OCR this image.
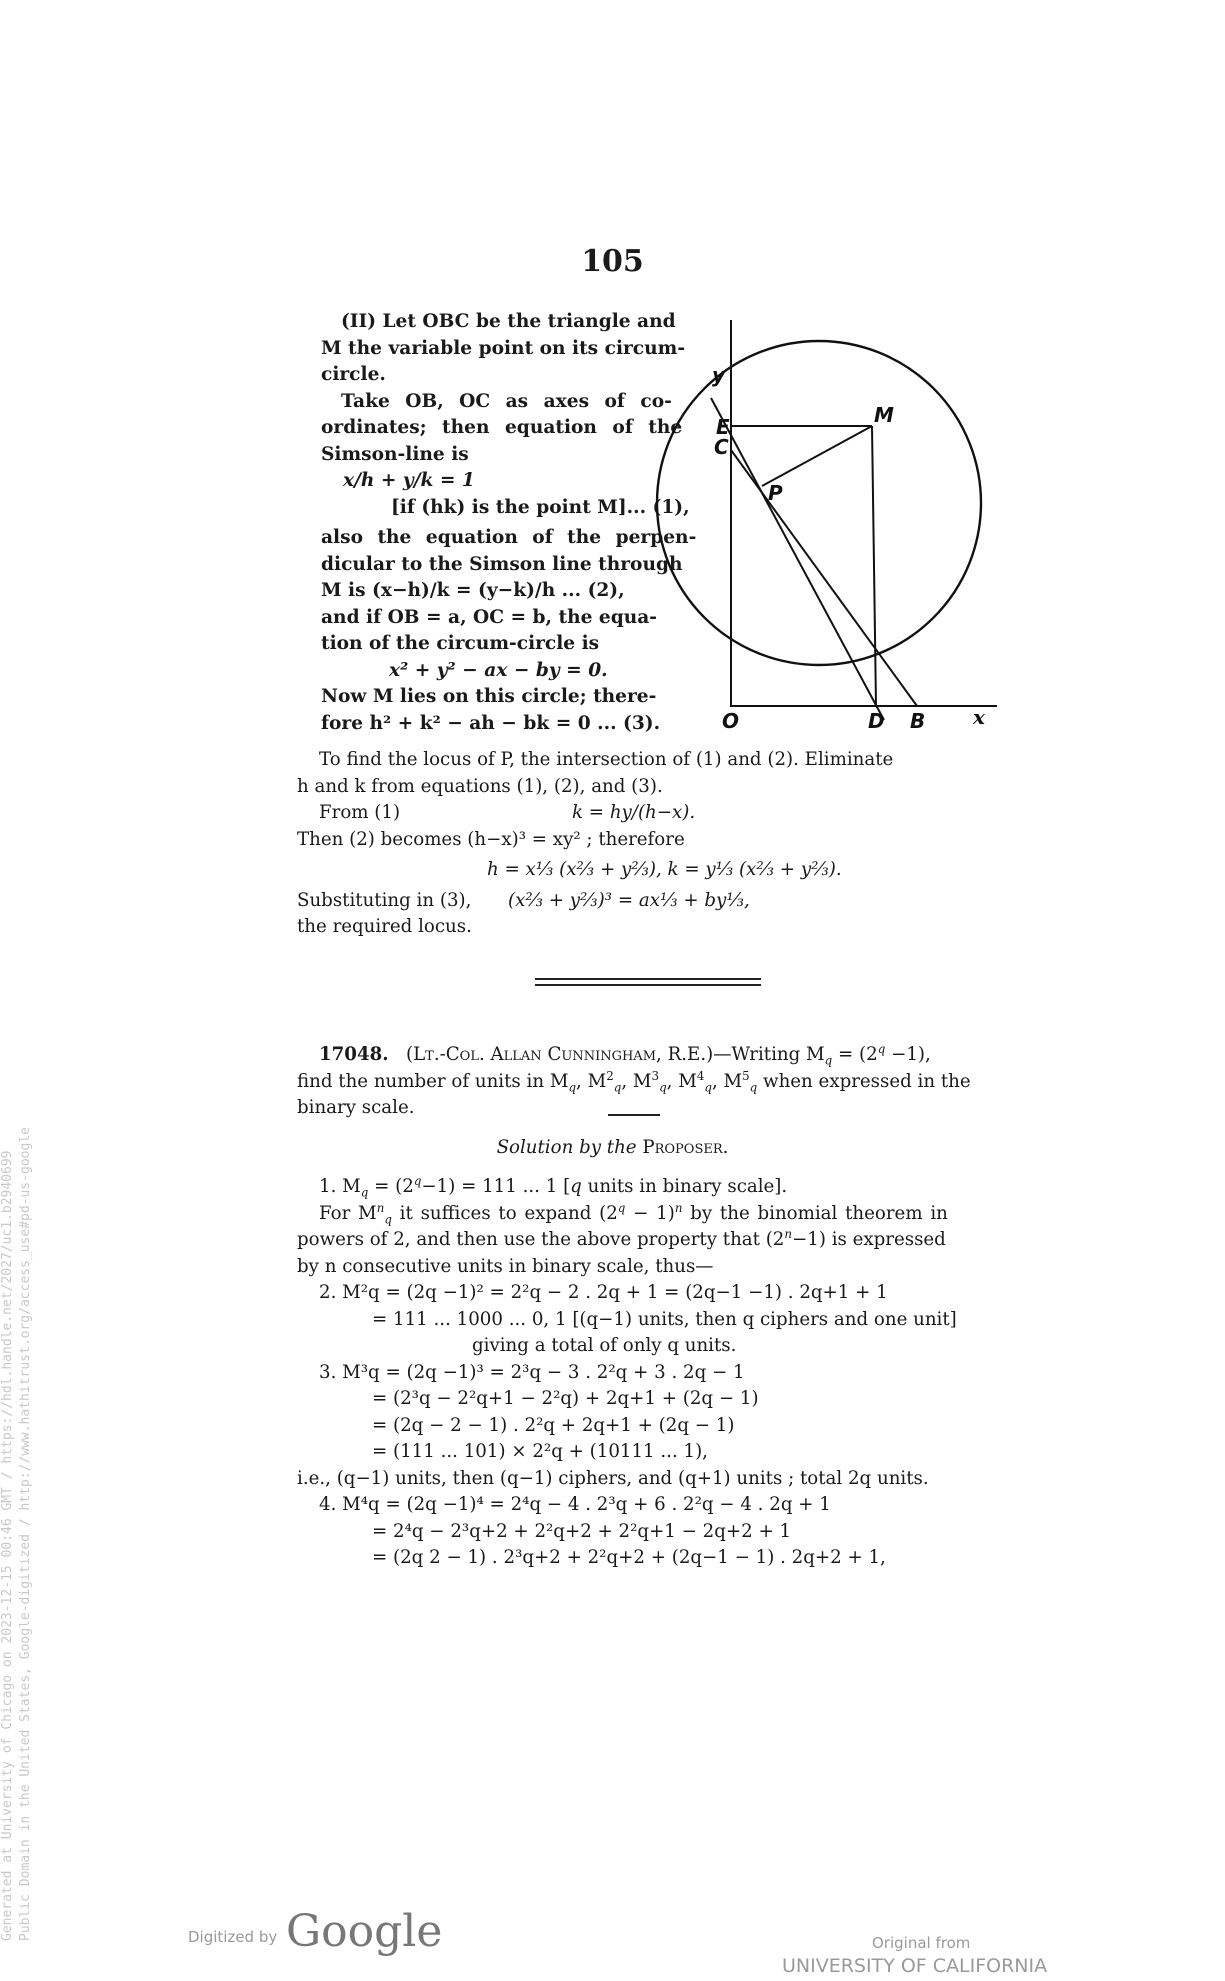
105
(II) Let OBC be the triangle and
M the variable point on its circum-
circle.
Take OB, OC as axes of co-
ordinates; then equation of the
Simson-line is
x/h + y/k = 1
[if (hk) is the point M]... (1),
also the equation of the perpen-
dicular to the Simson line through
M is (x−h)/k = (y−k)/h ... (2),
and if OB = a, OC = b, the equa-
tion of the circum-circle is
x² + y² − ax − by = 0.
Now M lies on this circle; there-
fore h² + k² − ah − bk = 0 ... (3).
y
E
C
M
P
O	D B x
To find the locus of P, the intersection of (1) and (2). Eliminate
h and k from equations (1), (2), and (3).
From (1)	k = hy/(h−x).
Then (2) becomes (h−x)³ = xy² ; therefore
h = x⅓ (x⅔ + y⅔), k = y⅓ (x⅔ + y⅔).
Substituting in (3), (x⅔ + y⅔)³ = ax⅓ + by⅓,
the required locus.
17048. (Lt.-Col. Allan Cunningham, R.E.)—Writing $M_q = (2^q -1)$,
find the number of units in $M_q$, $M^2_q$, $M^3_q$, $M^4_q$, $M^5_q$ when expressed in the
binary scale.
Solution by the Proposer.
1. $M_q = (2^q-1) = 111$ ... 1 [q units in binary scale].
For $M^n_q$ it suffices to expand $(2^q - 1)^n$ by the binomial theorem in
powers of 2, and then use the above property that $(2^n-1)$ is expressed
by n consecutive units in binary scale, thus—
2. M²q = (2q −1)² = 2²q − 2 . 2q + 1 = (2q−1 −1) . 2q+1 + 1
= 111 ... 1000 ... 0, 1 [(q−1) units, then q ciphers and one unit]
giving a total of only q units.
3. M³q = (2q −1)³ = 2³q − 3 . 2²q + 3 . 2q − 1
= (2³q − 2²q+1 − 2²q) + 2q+1 + (2q − 1)
= (2q − 2 − 1) . 2²q + 2q+1 + (2q − 1)
= (111 ... 101) × 2²q + (10111 ... 1),
i.e., (q−1) units, then (q−1) ciphers, and (q+1) units ; total 2q units.
4. M⁴q = (2q −1)⁴ = 2⁴q − 4 . 2³q + 6 . 2²q − 4 . 2q + 1
= 2⁴q − 2³q+2 + 2²q+2 + 2²q+1 − 2q+2 + 1
= (2q 2 − 1) . 2³q+2 + 2²q+2 + (2q−1 − 1) . 2q+2 + 1,
Generated at University of Chicago on 2023-12-15 00:46 GMT / https://hdl.handle.net/2027/uc1.b2940699 Public Domain in the United States, Google-digitized / http://www.hathitrust.org/access_use#pd-us-google	Digitized by Google	Original from
UNIVERSITY OF CALIFORNIA
